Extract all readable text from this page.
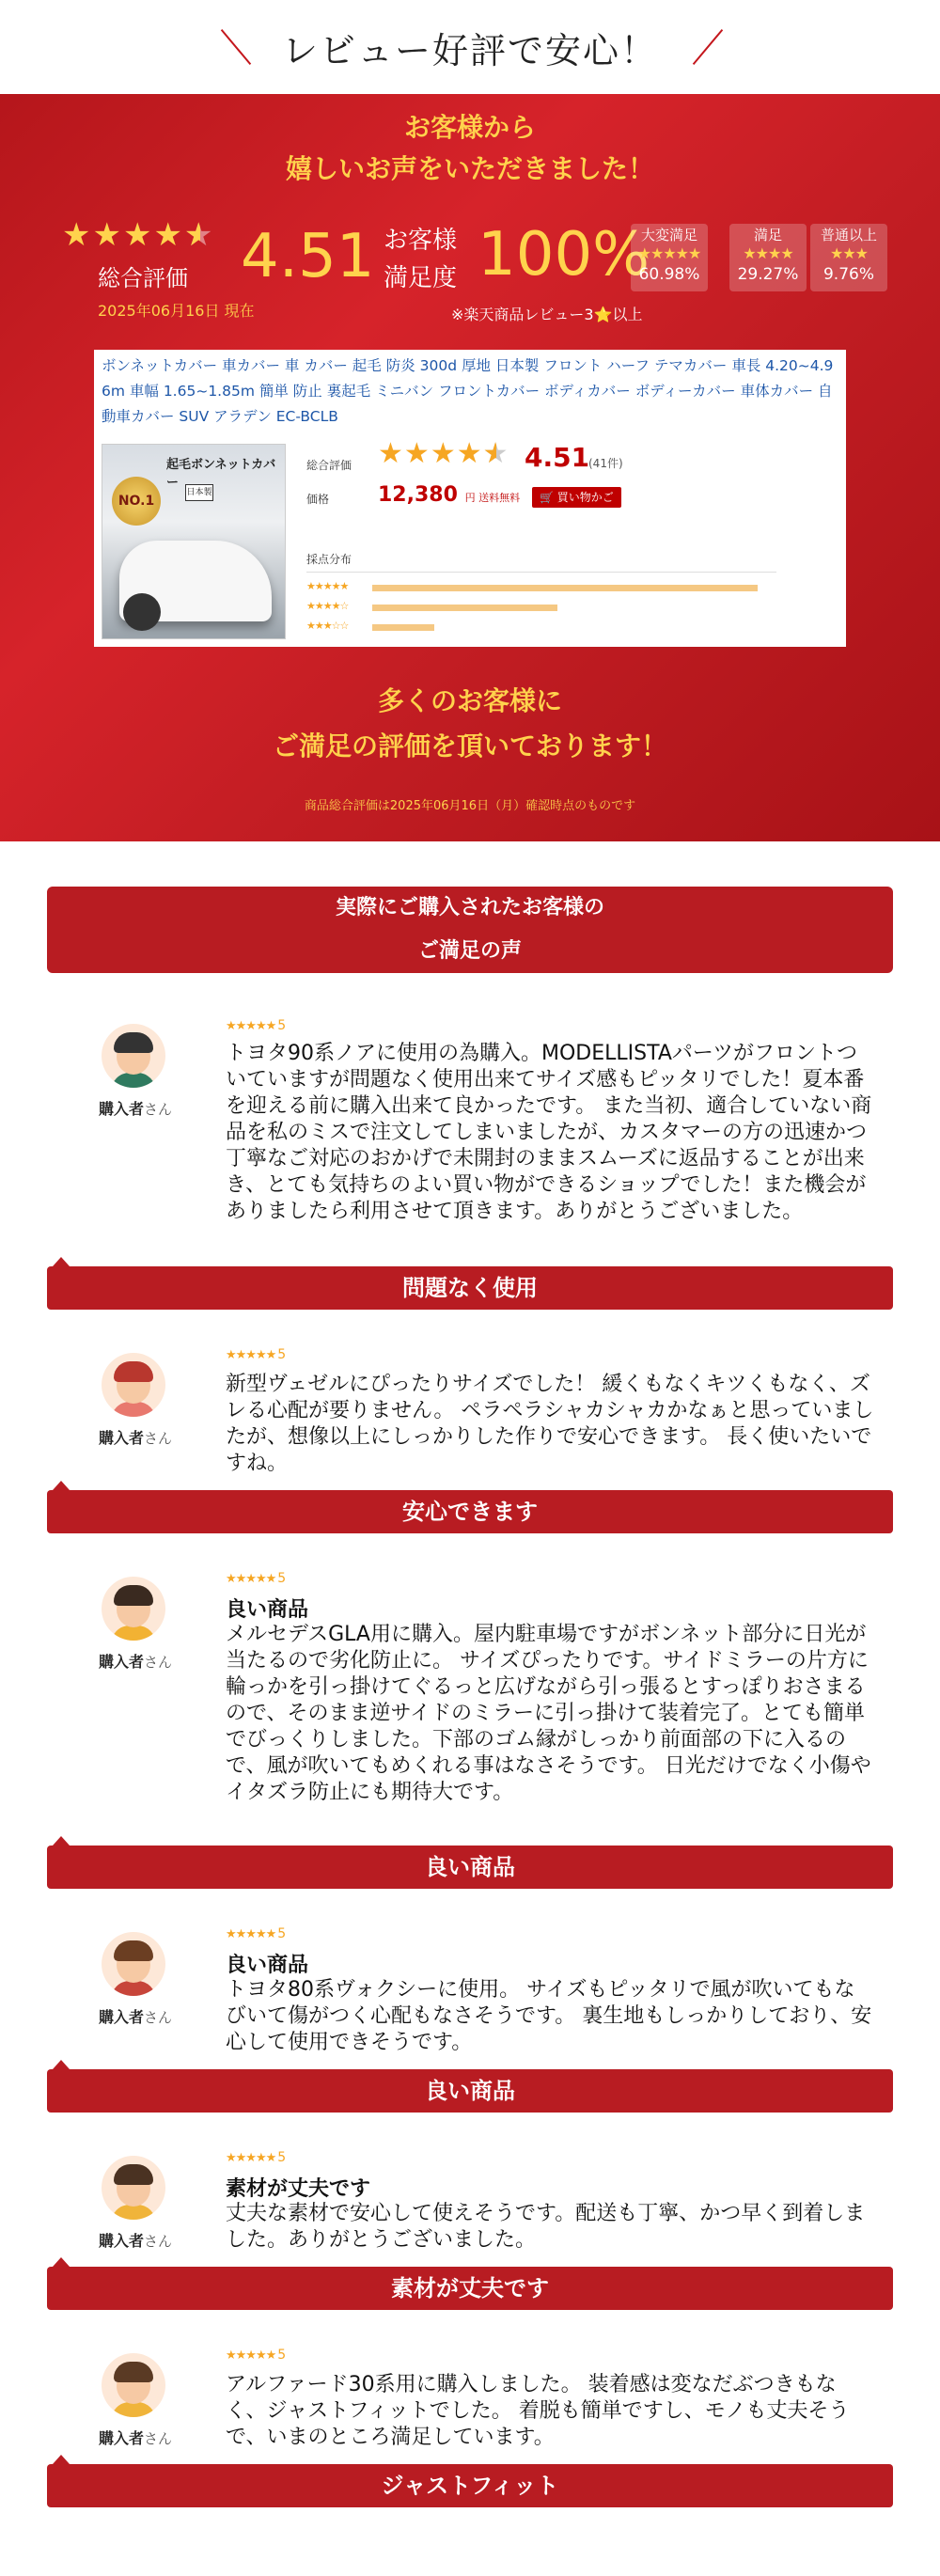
レビュー好評で安心！
お客様から
嬉しいお声をいただきました！
★ ★ ★ ★ ★ ★
総合評価 4.51 お客様満足度 100%
2025年06月16日 現在	※楽天商品レビュー3⭐以上
大変満足
★★★★★
60.98%
満足
★★★★
29.27%
普通以上
★★★
9.76%
ボンネットカバー 車カバー 車 カバー 起毛 防炎 300d 厚地 日本製 フロント ハーフ テマカバー 車長 4.20~4.96m 車幅 1.65~1.85m 簡単 防止 裏起毛 ミニバン フロントカバー ボディカバー ボディーカバー 車体カバー 自動車カバー SUV アラデン EC-BCLB
起毛ボンネットカバー
NO.1
日本製
総合評価 ★ ★ ★ ★ ★ ★ 4.51
(41件)
価格 12,380 円 送料無料	🛒 買い物かご
採点分布
★★★★★
★★★★☆
★★★☆☆
多くのお客様に
ご満足の評価を頂いております！
商品総合評価は2025年06月16日（月）確認時点のものです
実際にご購入されたお客様の
ご満足の声
購入者さん
★★★★★ 5
トヨタ90系ノアに使用の為購入。MODELLISTAパーツがフロントついていますが問題なく使用出来てサイズ感もピッタリでした！夏本番を迎える前に購入出来て良かったです。 また当初、適合していない商品を私のミスで注文してしまいましたが、カスタマーの方の迅速かつ丁寧なご対応のおかげで未開封のままスムーズに返品することが出来き、とても気持ちのよい買い物ができるショップでした！また機会がありましたら利用させて頂きます。ありがとうございました。
問題なく使用
購入者さん
★★★★★ 5
新型ヴェゼルにぴったりサイズでした！ 緩くもなくキツくもなく、ズレる心配が要りません。 ペラペラシャカシャカかなぁと思っていましたが、想像以上にしっかりした作りで安心できます。 長く使いたいですね。
安心できます
購入者さん
★★★★★ 5
良い商品
メルセデスGLA用に購入。屋内駐車場ですがボンネット部分に日光が当たるので劣化防止に。 サイズぴったりです。サイドミラーの片方に輪っかを引っ掛けてぐるっと広げながら引っ張るとすっぽりおさまるので、そのまま逆サイドのミラーに引っ掛けて装着完了。とても簡単でびっくりしました。下部のゴム縁がしっかり前面部の下に入るので、風が吹いてもめくれる事はなさそうです。 日光だけでなく小傷やイタズラ防止にも期待大です。
良い商品
購入者さん
★★★★★ 5
良い商品
トヨタ80系ヴォクシーに使用。 サイズもピッタリで風が吹いてもなびいて傷がつく心配もなさそうです。 裏生地もしっかりしており、安心して使用できそうです。
良い商品
購入者さん
★★★★★ 5
素材が丈夫です
丈夫な素材で安心して使えそうです。配送も丁寧、かつ早く到着しました。ありがとうございました。
素材が丈夫です
購入者さん
★★★★★ 5
アルファード30系用に購入しました。 装着感は変なだぶつきもなく、ジャストフィットでした。 着脱も簡単ですし、モノも丈夫そうで、いまのところ満足しています。
ジャストフィット
